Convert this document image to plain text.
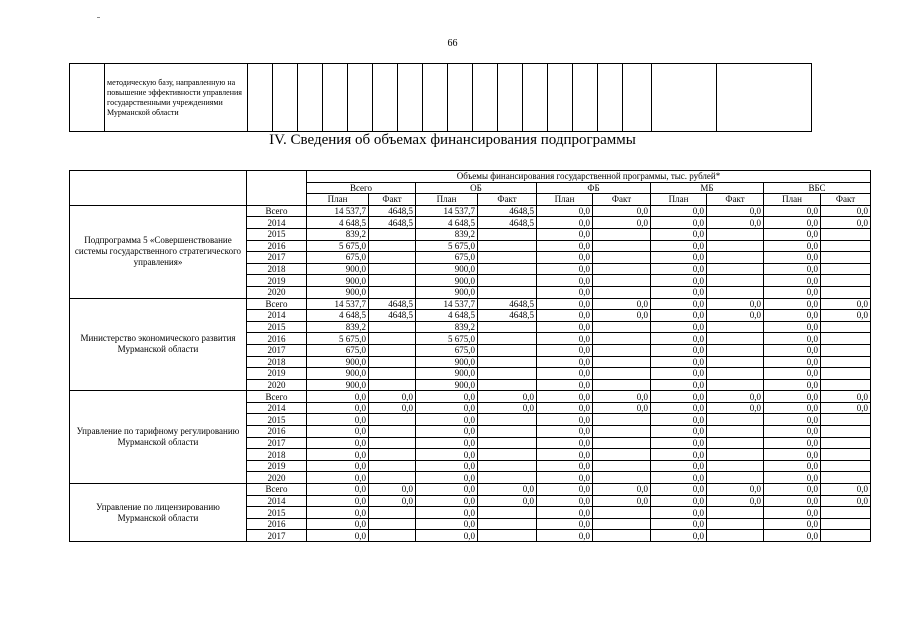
66
	методическую базу, направленную на повышение эффективности управления государственными учреждениями Мурманской области																		
IV. Сведения об объемах финансирования подпрограммы
		Объемы финансирования государственной программы, тыс. рублей*									
		Всего		ОБ		ФБ		МБ		ВБС	
		План	Факт	План	Факт	План	Факт	План	Факт	План	Факт
Подпрограмма 5 «Совершенствование системы государственного стратегического управления»	Всего	14 537,7	4648,5	14 537,7	4648,5	0,0	0,0	0,0	0,0	0,0	0,0
	2014	4 648,5	4648,5	4 648,5	4648,5	0,0	0,0	0,0	0,0	0,0	0,0
	2015	839,2		839,2		0,0		0,0		0,0	
	2016	5 675,0		5 675,0		0,0		0,0		0,0	
	2017	675,0		675,0		0,0		0,0		0,0	
	2018	900,0		900,0		0,0		0,0		0,0	
	2019	900,0		900,0		0,0		0,0		0,0	
	2020	900,0		900,0		0,0		0,0		0,0	
Министерство экономического развития Мурманской области	Всего	14 537,7	4648,5	14 537,7	4648,5	0,0	0,0	0,0	0,0	0,0	0,0
	2014	4 648,5	4648,5	4 648,5	4648,5	0,0	0,0	0,0	0,0	0,0	0,0
	2015	839,2		839,2		0,0		0,0		0,0	
	2016	5 675,0		5 675,0		0,0		0,0		0,0	
	2017	675,0		675,0		0,0		0,0		0,0	
	2018	900,0		900,0		0,0		0,0		0,0	
	2019	900,0		900,0		0,0		0,0		0,0	
	2020	900,0		900,0		0,0		0,0		0,0	
Управление по тарифному регулированию Мурманской области	Всего	0,0	0,0	0,0	0,0	0,0	0,0	0,0	0,0	0,0	0,0
	2014	0,0	0,0	0,0	0,0	0,0	0,0	0,0	0,0	0,0	0,0
	2015	0,0		0,0		0,0		0,0		0,0	
	2016	0,0		0,0		0,0		0,0		0,0	
	2017	0,0		0,0		0,0		0,0		0,0	
	2018	0,0		0,0		0,0		0,0		0,0	
	2019	0,0		0,0		0,0		0,0		0,0	
	2020	0,0		0,0		0,0		0,0		0,0	
Управление по лицензированию Мурманской области	Всего	0,0	0,0	0,0	0,0	0,0	0,0	0,0	0,0	0,0	0,0
	2014	0,0	0,0	0,0	0,0	0,0	0,0	0,0	0,0	0,0	0,0
	2015	0,0		0,0		0,0		0,0		0,0	
	2016	0,0		0,0		0,0		0,0		0,0	
	2017	0,0		0,0		0,0		0,0		0,0	
